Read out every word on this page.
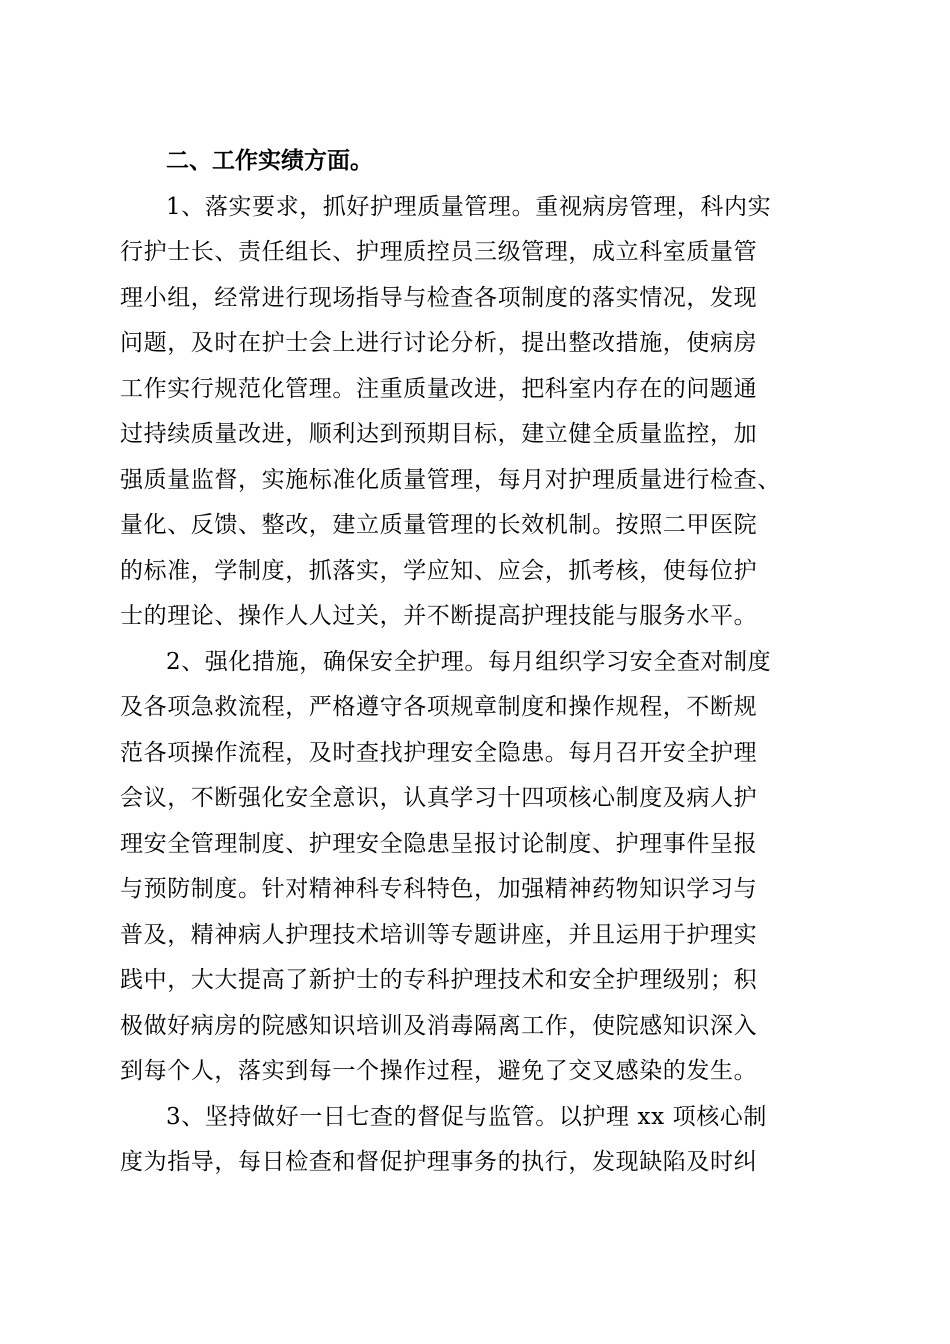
二、工作实绩方面。

1、落实要求，抓好护理质量管理。重视病房管理，科内实

行护士长、责任组长、护理质控员三级管理，成立科室质量管

理小组，经常进行现场指导与检查各项制度的落实情况，发现

问题，及时在护士会上进行讨论分析，提出整改措施，使病房

工作实行规范化管理。注重质量改进，把科室内存在的问题通

过持续质量改进，顺利达到预期目标，建立健全质量监控，加

强质量监督，实施标准化质量管理，每月对护理质量进行检查、

量化、反馈、整改，建立质量管理的长效机制。按照二甲医院

的标准，学制度，抓落实，学应知、应会，抓考核，使每位护

士的理论、操作人人过关，并不断提高护理技能与服务水平。

2、强化措施，确保安全护理。每月组织学习安全查对制度

及各项急救流程，严格遵守各项规章制度和操作规程，不断规

范各项操作流程，及时查找护理安全隐患。每月召开安全护理

会议，不断强化安全意识，认真学习十四项核心制度及病人护

理安全管理制度、护理安全隐患呈报讨论制度、护理事件呈报

与预防制度。针对精神科专科特色，加强精神药物知识学习与

普及，精神病人护理技术培训等专题讲座，并且运用于护理实

践中，大大提高了新护士的专科护理技术和安全护理级别；积

极做好病房的院感知识培训及消毒隔离工作，使院感知识深入

到每个人，落实到每一个操作过程，避免了交叉感染的发生。

3、坚持做好一日七查的督促与监管。以护理 xx 项核心制

度为指导，每日检查和督促护理事务的执行，发现缺陷及时纠
